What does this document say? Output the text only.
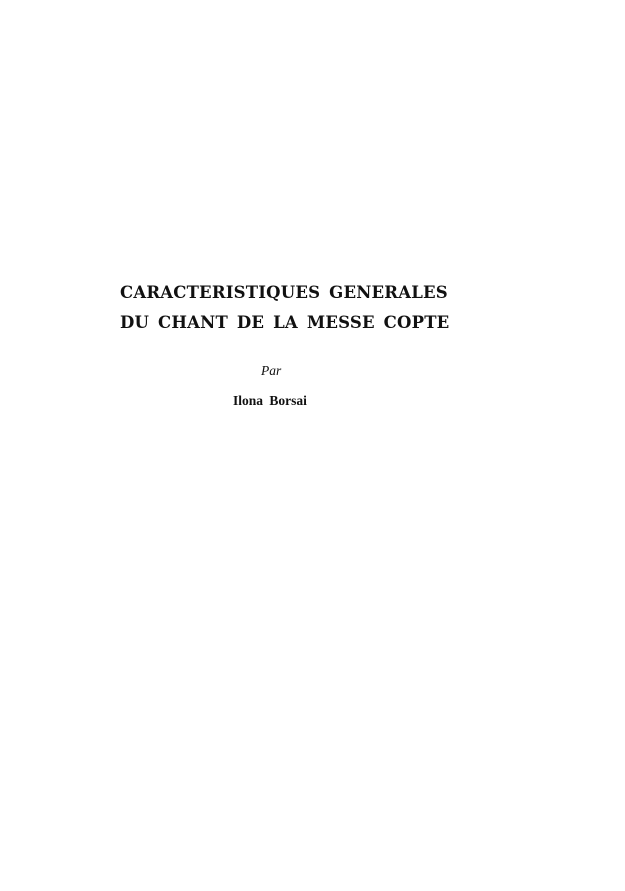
CARACTERISTIQUES GENERALES
DU CHANT DE LA MESSE COPTE
Par
Ilona Borsai
